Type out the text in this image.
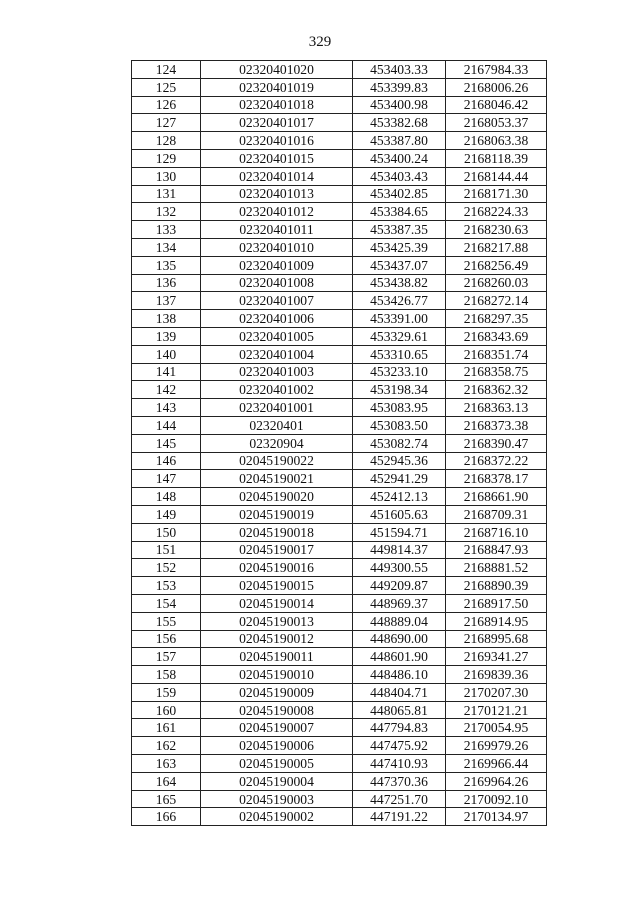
329
124	02320401020	453403.33	2167984.33
125	02320401019	453399.83	2168006.26
126	02320401018	453400.98	2168046.42
127	02320401017	453382.68	2168053.37
128	02320401016	453387.80	2168063.38
129	02320401015	453400.24	2168118.39
130	02320401014	453403.43	2168144.44
131	02320401013	453402.85	2168171.30
132	02320401012	453384.65	2168224.33
133	02320401011	453387.35	2168230.63
134	02320401010	453425.39	2168217.88
135	02320401009	453437.07	2168256.49
136	02320401008	453438.82	2168260.03
137	02320401007	453426.77	2168272.14
138	02320401006	453391.00	2168297.35
139	02320401005	453329.61	2168343.69
140	02320401004	453310.65	2168351.74
141	02320401003	453233.10	2168358.75
142	02320401002	453198.34	2168362.32
143	02320401001	453083.95	2168363.13
144	02320401	453083.50	2168373.38
145	02320904	453082.74	2168390.47
146	02045190022	452945.36	2168372.22
147	02045190021	452941.29	2168378.17
148	02045190020	452412.13	2168661.90
149	02045190019	451605.63	2168709.31
150	02045190018	451594.71	2168716.10
151	02045190017	449814.37	2168847.93
152	02045190016	449300.55	2168881.52
153	02045190015	449209.87	2168890.39
154	02045190014	448969.37	2168917.50
155	02045190013	448889.04	2168914.95
156	02045190012	448690.00	2168995.68
157	02045190011	448601.90	2169341.27
158	02045190010	448486.10	2169839.36
159	02045190009	448404.71	2170207.30
160	02045190008	448065.81	2170121.21
161	02045190007	447794.83	2170054.95
162	02045190006	447475.92	2169979.26
163	02045190005	447410.93	2169966.44
164	02045190004	447370.36	2169964.26
165	02045190003	447251.70	2170092.10
166	02045190002	447191.22	2170134.97
